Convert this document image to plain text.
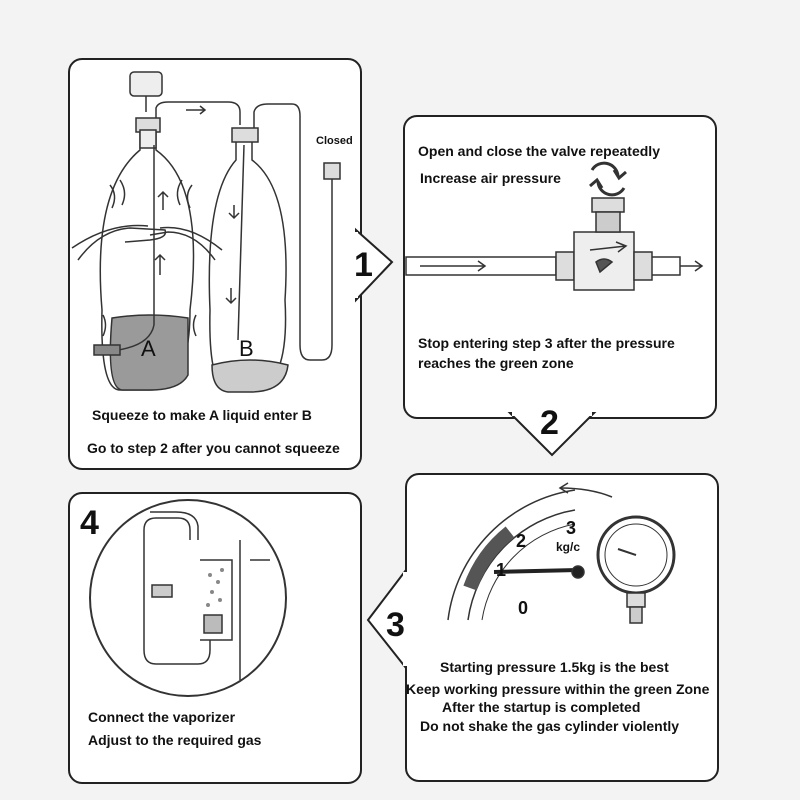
1
2
3
4
A	B
Closed
Squeeze to make A liquid enter B
Go to step 2 after you cannot squeeze
Open and close the valve repeatedly
Increase air pressure
Stop entering step 3 after the pressure
reaches the green zone
0
1
2
3
kg/c
Starting pressure 1.5kg is the best
Keep working pressure within the green Zone
After the startup is completed
Do not shake the gas cylinder violently
Connect the vaporizer
Adjust to the required gas
